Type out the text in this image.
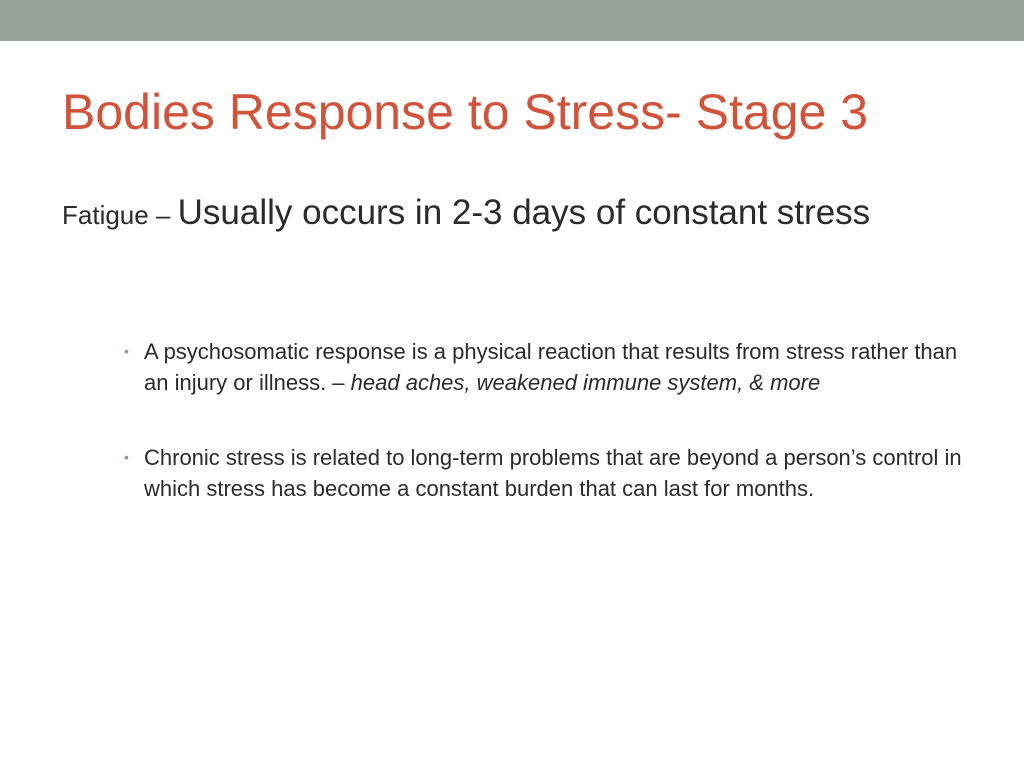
Bodies Response to Stress- Stage 3

Fatigue – Usually occurs in 2-3 days of constant stress

• A psychosomatic response is a physical reaction that results from stress rather than an injury or illness. – head aches, weakened immune system, & more
• Chronic stress is related to long-term problems that are beyond a person’s control in which stress has become a constant burden that can last for months.
